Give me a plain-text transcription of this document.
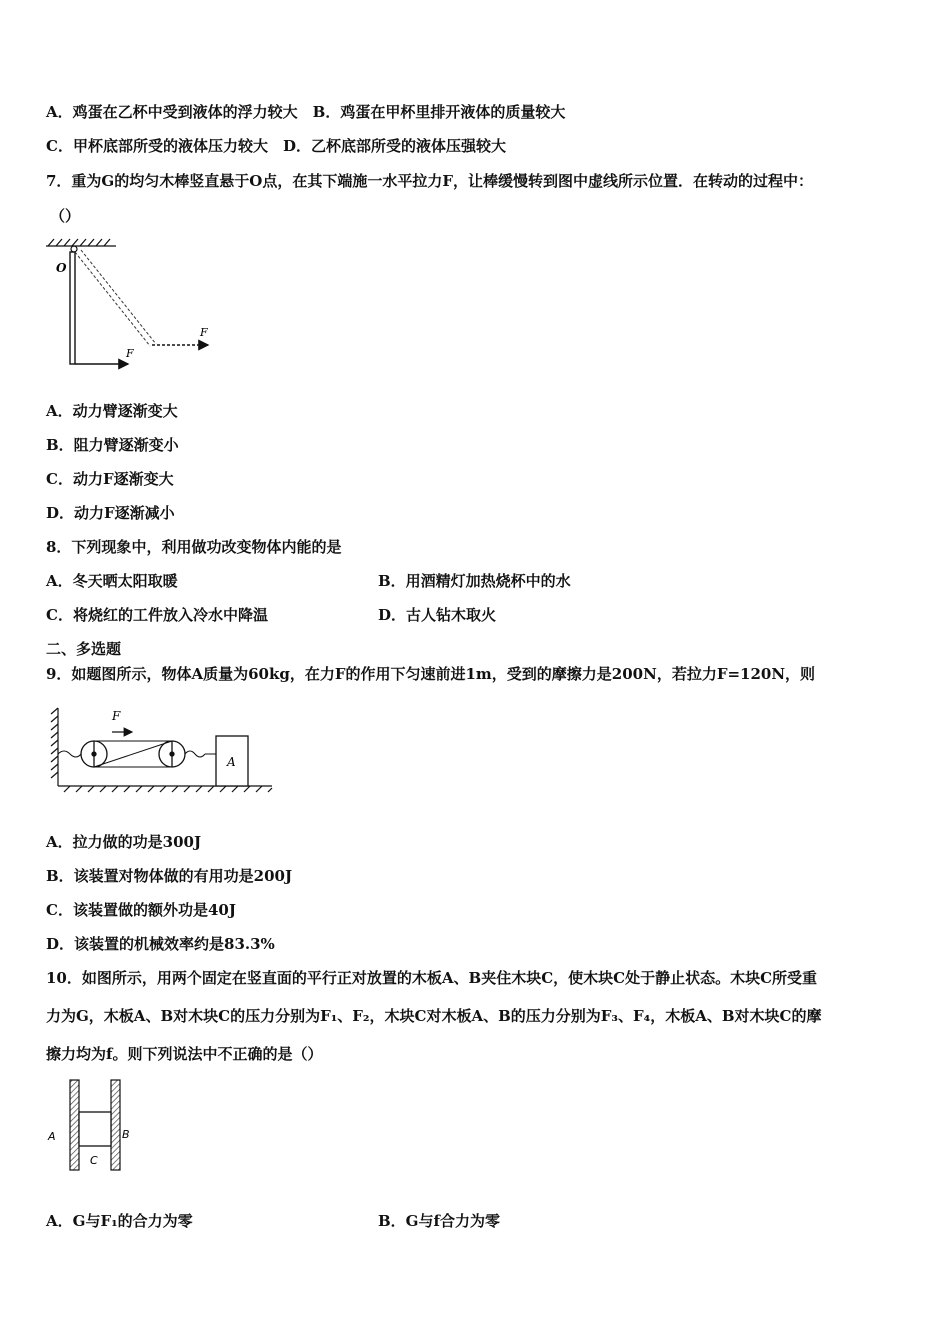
A．鸡蛋在乙杯中受到液体的浮力较大　B．鸡蛋在甲杯里排开液体的质量较大
C．甲杯底部所受的液体压力较大　D．乙杯底部所受的液体压强较大
7．重为G的均匀木棒竖直悬于O点，在其下端施一水平拉力F，让棒缓慢转到图中虚线所示位置．在转动的过程中：
（）
O
F
F
A．动力臂逐渐变大
B．阻力臂逐渐变小
C．动力F逐渐变大
D．动力F逐渐减小
8．下列现象中，利用做功改变物体内能的是
A．冬天晒太阳取暖	B．用酒精灯加热烧杯中的水
C．将烧红的工件放入冷水中降温	D．古人钻木取火
二、多选题
9．如题图所示，物体A质量为60kg，在力F的作用下匀速前进1m，受到的摩擦力是200N，若拉力F=120N，则
F
A
A．拉力做的功是300J
B．该装置对物体做的有用功是200J
C．该装置做的额外功是40J
D．该装置的机械效率约是83.3%
10．如图所示，用两个固定在竖直面的平行正对放置的木板A、B夹住木块C，使木块C处于静止状态。木块C所受重
力为G，木板A、B对木块C的压力分别为F₁、F₂，木块C对木板A、B的压力分别为F₃、F₄，木板A、B对木块C的摩
擦力均为f。则下列说法中不正确的是（）
A	B
C
A．G与F₁的合力为零	B．G与f合力为零
